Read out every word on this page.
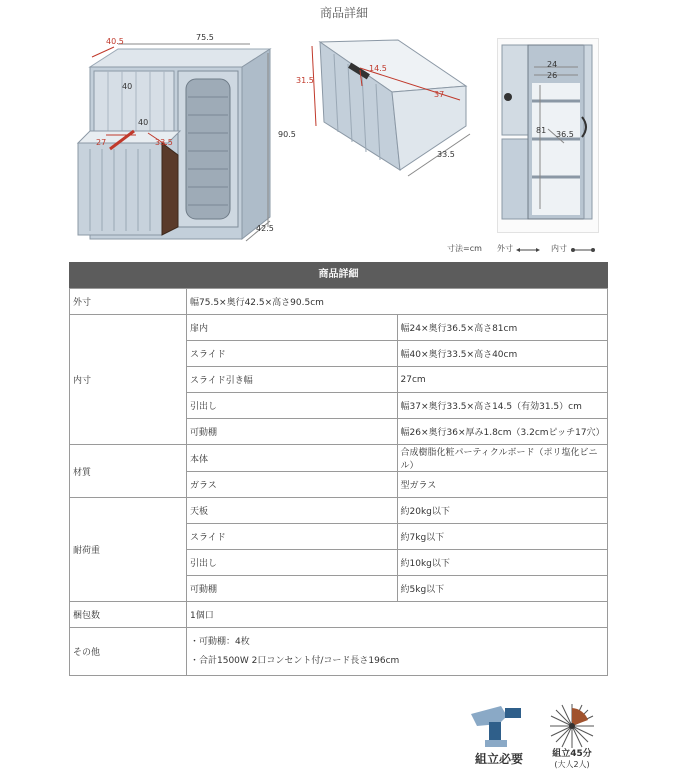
商品詳細
75.5
40.5
90.5
40
40
27	33.5
42.5
31.5
14.5
37
33.5
24
26
81 36.5
寸法=cm 外寸	内寸
商品詳細
外寸	幅75.5×奥行42.5×高さ90.5cm	
内寸	扉内	幅24×奥行36.5×高さ81cm
	スライド	幅40×奥行33.5×高さ40cm
	スライド引き幅	27cm
	引出し	幅37×奥行33.5×高さ14.5（有効31.5）cm
	可動棚	幅26×奥行36×厚み1.8cm（3.2cmピッチ17穴）
材質	本体	合成樹脂化粧パーティクルボード（ポリ塩化ビニル）
	ガラス	型ガラス
耐荷重	天板	約20kg以下
	スライド	約7kg以下
	引出し	約10kg以下
	可動棚	約5kg以下
梱包数	1個口	
その他	・可動棚：4枚
・合計1500W 2口コンセント付/コード長さ196cm	
組立必要	組立45分
(大人2人)
